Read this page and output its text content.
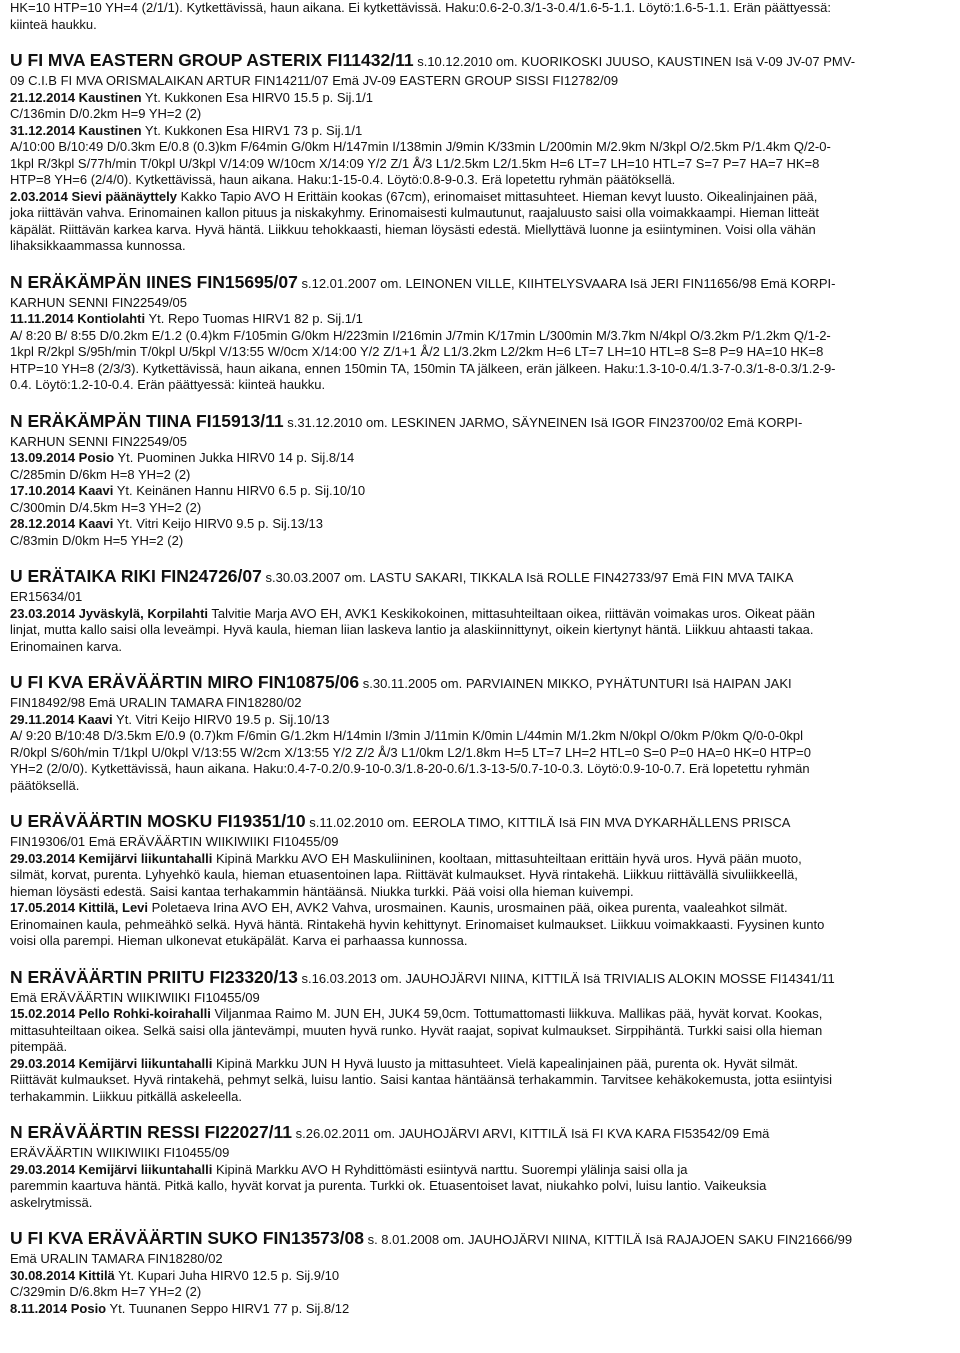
HK=10 HTP=10 YH=4 (2/1/1). Kytkettävissä, haun aikana. Ei kytkettävissä. Haku:0.6-2-0.3/1-3-0.4/1.6-5-1.1. Löytö:1.6-5-1.1. Erän päättyessä:

kiinteä haukku.

U FI MVA EASTERN GROUP ASTERIX FI11432/11 s.10.12.2010 om. KUORIKOSKI JUUSO, KAUSTINEN Isä V-09 JV-07 PMV-

09 C.I.B FI MVA ORISMALAIKAN ARTUR FIN14211/07 Emä JV-09 EASTERN GROUP SISSI FI12782/09

21.12.2014 Kaustinen Yt. Kukkonen Esa HIRV0 15.5 p. Sij.1/1

C/136min D/0.2km H=9 YH=2 (2)

31.12.2014 Kaustinen Yt. Kukkonen Esa HIRV1 73 p. Sij.1/1

A/10:00 B/10:49 D/0.3km E/0.8 (0.3)km F/64min G/0km H/147min I/138min J/9min K/33min L/200min M/2.9km N/3kpl O/2.5km P/1.4km Q/2-0-

1kpl R/3kpl S/77h/min T/0kpl U/3kpl V/14:09 W/10cm X/14:09 Y/2 Z/1 Å/3 L1/2.5km L2/1.5km H=6 LT=7 LH=10 HTL=7 S=7 P=7 HA=7 HK=8

HTP=8 YH=6 (2/4/0). Kytkettävissä, haun aikana. Haku:1-15-0.4. Löytö:0.8-9-0.3. Erä lopetettu ryhmän päätöksellä.

2.03.2014 Sievi päänäyttely Kakko Tapio AVO H Erittäin kookas (67cm), erinomaiset mittasuhteet. Hieman kevyt luusto. Oikealinjainen pää,

joka riittävän vahva. Erinomainen kallon pituus ja niskakyhmy. Erinomaisesti kulmautunut, raajaluusto saisi olla voimakkaampi. Hieman litteät

käpälät. Riittävän karkea karva. Hyvä häntä. Liikkuu tehokkaasti, hieman löysästi edestä. Miellyttävä luonne ja esiintyminen. Voisi olla vähän

lihaksikkaammassa kunnossa.

N ERÄKÄMPÄN IINES FIN15695/07 s.12.01.2007 om. LEINONEN VILLE, KIIHTELYSVAARA Isä JERI FIN11656/98 Emä KORPI-

KARHUN SENNI FIN22549/05

11.11.2014 Kontiolahti Yt. Repo Tuomas HIRV1 82 p. Sij.1/1

A/ 8:20 B/ 8:55 D/0.2km E/1.2 (0.4)km F/105min G/0km H/223min I/216min J/7min K/17min L/300min M/3.7km N/4kpl O/3.2km P/1.2km Q/1-2-

1kpl R/2kpl S/95h/min T/0kpl U/5kpl V/13:55 W/0cm X/14:00 Y/2 Z/1+1 Å/2 L1/3.2km L2/2km H=6 LT=7 LH=10 HTL=8 S=8 P=9 HA=10 HK=8

HTP=10 YH=8 (2/3/3). Kytkettävissä, haun aikana, ennen 150min TA, 150min TA jälkeen, erän jälkeen. Haku:1.3-10-0.4/1.3-7-0.3/1-8-0.3/1.2-9-

0.4. Löytö:1.2-10-0.4. Erän päättyessä: kiinteä haukku.

N ERÄKÄMPÄN TIINA FI15913/11 s.31.12.2010 om. LESKINEN JARMO, SÄYNEINEN Isä IGOR FIN23700/02 Emä KORPI-

KARHUN SENNI FIN22549/05

13.09.2014 Posio Yt. Puominen Jukka HIRV0 14 p. Sij.8/14

C/285min D/6km H=8 YH=2 (2)

17.10.2014 Kaavi Yt. Keinänen Hannu HIRV0 6.5 p. Sij.10/10

C/300min D/4.5km H=3 YH=2 (2)

28.12.2014 Kaavi Yt. Vitri Keijo HIRV0 9.5 p. Sij.13/13

C/83min D/0km H=5 YH=2 (2)

U ERÄTAIKA RIKI FIN24726/07 s.30.03.2007 om. LASTU SAKARI, TIKKALA Isä ROLLE FIN42733/97 Emä FIN MVA TAIKA

ER15634/01

23.03.2014 Jyväskylä, Korpilahti Talvitie Marja AVO EH, AVK1 Keskikokoinen, mittasuhteiltaan oikea, riittävän voimakas uros. Oikeat pään

linjat, mutta kallo saisi olla leveämpi. Hyvä kaula, hieman liian laskeva lantio ja alaskiinnittynyt, oikein kiertynyt häntä. Liikkuu ahtaasti takaa.

Erinomainen karva.

U FI KVA ERÄVÄÄRTIN MIRO FIN10875/06 s.30.11.2005 om. PARVIAINEN MIKKO, PYHÄTUNTURI Isä HAIPAN JAKI

FIN18492/98 Emä URALIN TAMARA FIN18280/02

29.11.2014 Kaavi Yt. Vitri Keijo HIRV0 19.5 p. Sij.10/13

A/ 9:20 B/10:48 D/3.5km E/0.9 (0.7)km F/6min G/1.2km H/14min I/3min J/11min K/0min L/44min M/1.2km N/0kpl O/0km P/0km Q/0-0-0kpl

R/0kpl S/60h/min T/1kpl U/0kpl V/13:55 W/2cm X/13:55 Y/2 Z/2 Å/3 L1/0km L2/1.8km H=5 LT=7 LH=2 HTL=0 S=0 P=0 HA=0 HK=0 HTP=0

YH=2 (2/0/0). Kytkettävissä, haun aikana. Haku:0.4-7-0.2/0.9-10-0.3/1.8-20-0.6/1.3-13-5/0.7-10-0.3. Löytö:0.9-10-0.7. Erä lopetettu ryhmän

päätöksellä.

U ERÄVÄÄRTIN MOSKU FI19351/10 s.11.02.2010 om. EEROLA TIMO, KITTILÄ Isä FIN MVA DYKARHÄLLENS PRISCA

FIN19306/01 Emä ERÄVÄÄRTIN WIIKIWIIKI FI10455/09

29.03.2014 Kemijärvi liikuntahalli Kipinä Markku AVO EH Maskuliininen, kooltaan, mittasuhteiltaan erittäin hyvä uros. Hyvä pään muoto,

silmät, korvat, purenta. Lyhyehkö kaula, hieman etuasentoinen lapa. Riittävät kulmaukset. Hyvä rintakehä. Liikkuu riittävällä sivuliikkeellä,

hieman löysästi edestä. Saisi kantaa terhakammin häntäänsä. Niukka turkki. Pää voisi olla hieman kuivempi.

17.05.2014 Kittilä, Levi Poletaeva Irina AVO EH, AVK2 Vahva, urosmainen. Kaunis, urosmainen pää, oikea purenta, vaaleahkot silmät.

Erinomainen kaula, pehmeähkö selkä. Hyvä häntä. Rintakehä hyvin kehittynyt. Erinomaiset kulmaukset. Liikkuu voimakkaasti. Fyysinen kunto

voisi olla parempi. Hieman ulkonevat etukäpälät. Karva ei parhaassa kunnossa.

N ERÄVÄÄRTIN PRIITU FI23320/13 s.16.03.2013 om. JAUHOJÄRVI NIINA, KITTILÄ Isä TRIVIALIS ALOKIN MOSSE FI14341/11

Emä ERÄVÄÄRTIN WIIKIWIIKI FI10455/09

15.02.2014 Pello Rohki-koirahalli Viljanmaa Raimo M. JUN EH, JUK4 59,0cm. Tottumattomasti liikkuva. Mallikas pää, hyvät korvat. Kookas,

mittasuhteiltaan oikea. Selkä saisi olla jäntevämpi, muuten hyvä runko. Hyvät raajat, sopivat kulmaukset. Sirppihäntä. Turkki saisi olla hieman

pitempää.

29.03.2014 Kemijärvi liikuntahalli Kipinä Markku JUN H Hyvä luusto ja mittasuhteet. Vielä kapealinjainen pää, purenta ok. Hyvät silmät.

Riittävät kulmaukset. Hyvä rintakehä, pehmyt selkä, luisu lantio. Saisi kantaa häntäänsä terhakammin. Tarvitsee kehäkokemusta, jotta esiintyisi

terhakammin. Liikkuu pitkällä askeleella.

N ERÄVÄÄRTIN RESSI FI22027/11 s.26.02.2011 om. JAUHOJÄRVI ARVI, KITTILÄ Isä FI KVA KARA FI53542/09 Emä

ERÄVÄÄRTIN WIIKIWIIKI FI10455/09

29.03.2014 Kemijärvi liikuntahalli Kipinä Markku AVO H Ryhdittömästi esiintyvä narttu. Suorempi ylälinja saisi olla ja

paremmin kaartuva häntä. Pitkä kallo, hyvät korvat ja purenta. Turkki ok. Etuasentoiset lavat, niukahko polvi, luisu lantio. Vaikeuksia

askelrytmissä.

U FI KVA ERÄVÄÄRTIN SUKO FIN13573/08 s. 8.01.2008 om. JAUHOJÄRVI NIINA, KITTILÄ Isä RAJAJOEN SAKU FIN21666/99

Emä URALIN TAMARA FIN18280/02

30.08.2014 Kittilä Yt. Kupari Juha HIRV0 12.5 p. Sij.9/10

C/329min D/6.8km H=7 YH=2 (2)

8.11.2014 Posio Yt. Tuunanen Seppo HIRV1 77 p. Sij.8/12
